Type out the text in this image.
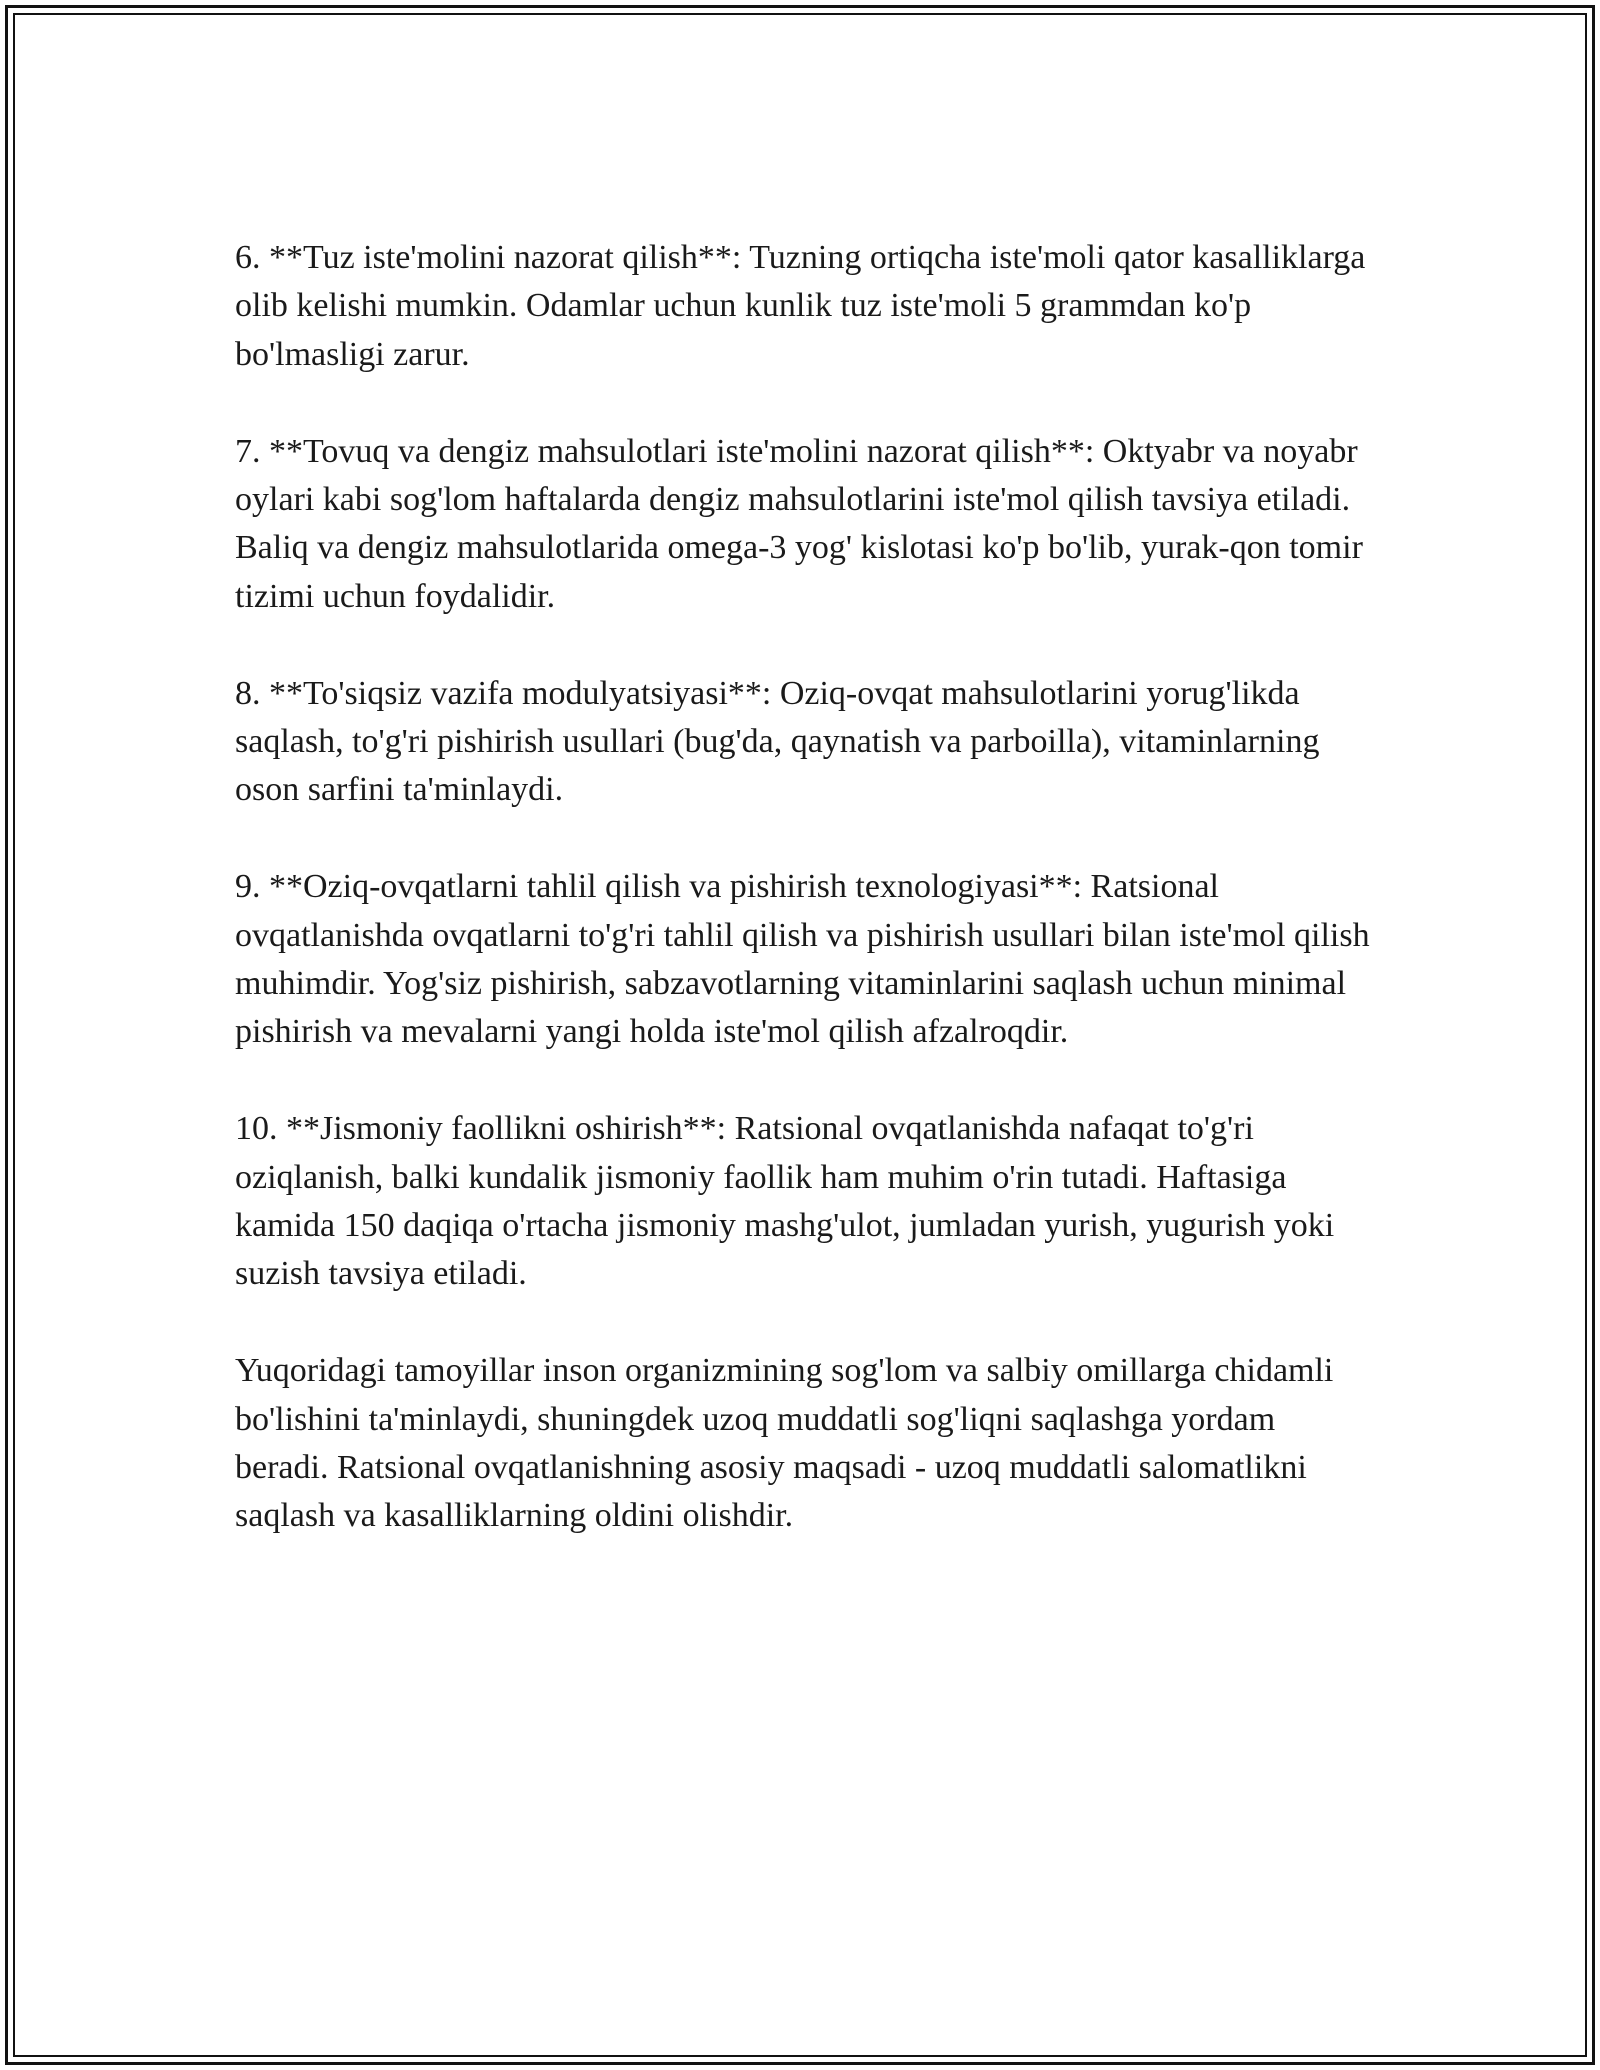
6. **Tuz iste'molini nazorat qilish**: Tuzning ortiqcha iste'moli qator kasalliklarga olib kelishi mumkin. Odamlar uchun kunlik tuz iste'moli 5 grammdan ko'p bo'lmasligi zarur.

7. **Tovuq va dengiz mahsulotlari iste'molini nazorat qilish**: Oktyabr va noyabr oylari kabi sog'lom haftalarda dengiz mahsulotlarini iste'mol qilish tavsiya etiladi. Baliq va dengiz mahsulotlarida omega-3 yog' kislotasi ko'p bo'lib, yurak-qon tomir tizimi uchun foydalidir.

8. **To'siqsiz vazifa modulyatsiyasi**: Oziq-ovqat mahsulotlarini yorug'likda saqlash, to'g'ri pishirish usullari (bug'da, qaynatish va parboilla), vitaminlarning oson sarfini ta'minlaydi.

9. **Oziq-ovqatlarni tahlil qilish va pishirish texnologiyasi**: Ratsional ovqatlanishda ovqatlarni to'g'ri tahlil qilish va pishirish usullari bilan iste'mol qilish muhimdir. Yog'siz pishirish, sabzavotlarning vitaminlarini saqlash uchun minimal pishirish va mevalarni yangi holda iste'mol qilish afzalroqdir.

10. **Jismoniy faollikni oshirish**: Ratsional ovqatlanishda nafaqat to'g'ri oziqlanish, balki kundalik jismoniy faollik ham muhim o'rin tutadi. Haftasiga kamida 150 daqiqa o'rtacha jismoniy mashg'ulot, jumladan yurish, yugurish yoki suzish tavsiya etiladi.

Yuqoridagi tamoyillar inson organizmining sog'lom va salbiy omillarga chidamli bo'lishini ta'minlaydi, shuningdek uzoq muddatli sog'liqni saqlashga yordam beradi. Ratsional ovqatlanishning asosiy maqsadi - uzoq muddatli salomatlikni saqlash va kasalliklarning oldini olishdir.
